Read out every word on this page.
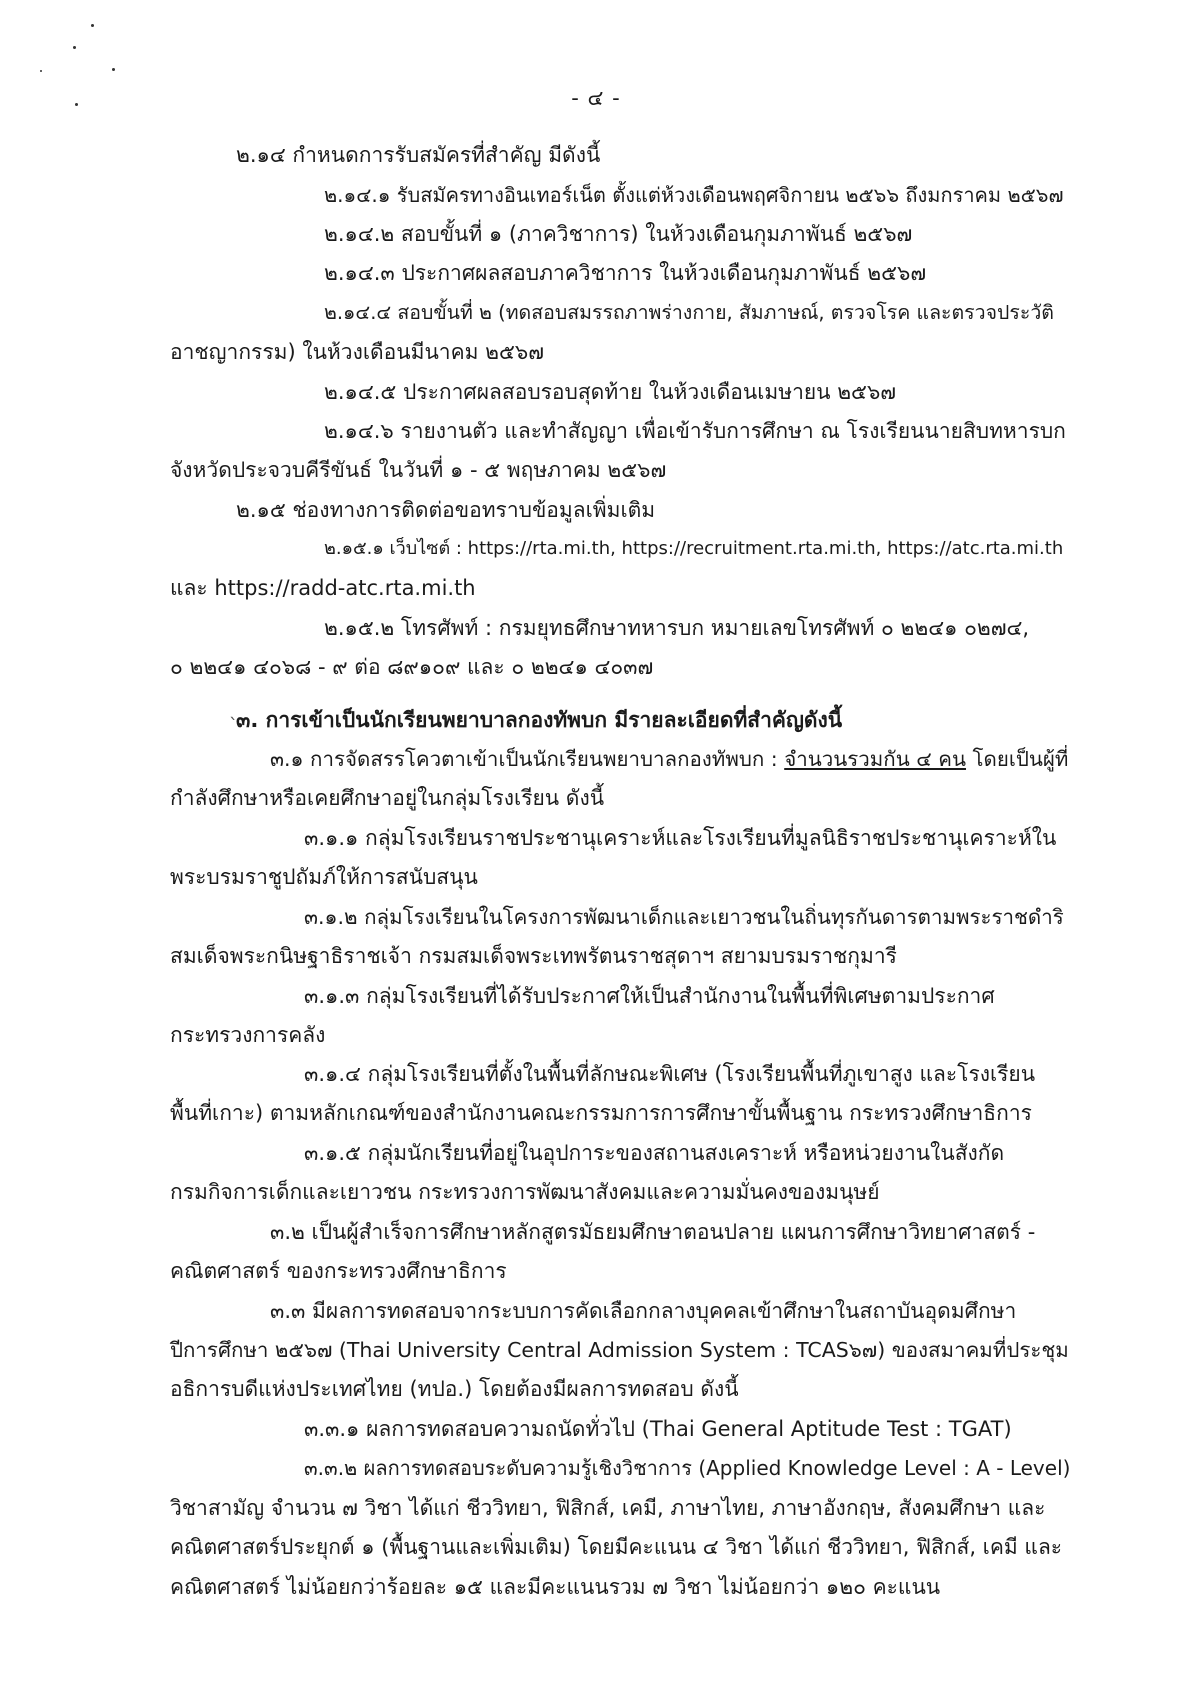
- ๔ -
๒.๑๔ กำหนดการรับสมัครที่สำคัญ มีดังนี้
๒.๑๔.๑ รับสมัครทางอินเทอร์เน็ต ตั้งแต่ห้วงเดือนพฤศจิกายน ๒๕๖๖ ถึงมกราคม ๒๕๖๗
๒.๑๔.๒ สอบขั้นที่ ๑ (ภาควิชาการ) ในห้วงเดือนกุมภาพันธ์ ๒๕๖๗
๒.๑๔.๓ ประกาศผลสอบภาควิชาการ ในห้วงเดือนกุมภาพันธ์ ๒๕๖๗
๒.๑๔.๔ สอบขั้นที่ ๒ (ทดสอบสมรรถภาพร่างกาย, สัมภาษณ์, ตรวจโรค และตรวจประวัติ
อาชญากรรม) ในห้วงเดือนมีนาคม ๒๕๖๗
๒.๑๔.๕ ประกาศผลสอบรอบสุดท้าย ในห้วงเดือนเมษายน ๒๕๖๗
๒.๑๔.๖ รายงานตัว และทำสัญญา เพื่อเข้ารับการศึกษา ณ โรงเรียนนายสิบทหารบก
จังหวัดประจวบคีรีขันธ์ ในวันที่ ๑ - ๕ พฤษภาคม ๒๕๖๗
๒.๑๕ ช่องทางการติดต่อขอทราบข้อมูลเพิ่มเติม
๒.๑๕.๑ เว็บไซต์ : https://rta.mi.th, https://recruitment.rta.mi.th, https://atc.rta.mi.th
และ https://radd-atc.rta.mi.th
๒.๑๕.๒ โทรศัพท์ : กรมยุทธศึกษาทหารบก หมายเลขโทรศัพท์ ๐ ๒๒๔๑ ๐๒๗๔,
๐ ๒๒๔๑ ๔๐๖๘ - ๙ ต่อ ๘๙๑๐๙ และ ๐ ๒๒๔๑ ๔๐๓๗
ˋ
๓. การเข้าเป็นนักเรียนพยาบาลกองทัพบก มีรายละเอียดที่สำคัญดังนี้
๓.๑ การจัดสรรโควตาเข้าเป็นนักเรียนพยาบาลกองทัพบก : จำนวนรวมกัน ๔ คน โดยเป็นผู้ที่
กำลังศึกษาหรือเคยศึกษาอยู่ในกลุ่มโรงเรียน ดังนี้
๓.๑.๑ กลุ่มโรงเรียนราชประชานุเคราะห์และโรงเรียนที่มูลนิธิราชประชานุเคราะห์ใน
พระบรมราชูปถัมภ์ให้การสนับสนุน
๓.๑.๒ กลุ่มโรงเรียนในโครงการพัฒนาเด็กและเยาวชนในถิ่นทุรกันดารตามพระราชดำริ
สมเด็จพระกนิษฐาธิราชเจ้า กรมสมเด็จพระเทพรัตนราชสุดาฯ สยามบรมราชกุมารี
๓.๑.๓ กลุ่มโรงเรียนที่ได้รับประกาศให้เป็นสำนักงานในพื้นที่พิเศษตามประกาศ
กระทรวงการคลัง
๓.๑.๔ กลุ่มโรงเรียนที่ตั้งในพื้นที่ลักษณะพิเศษ (โรงเรียนพื้นที่ภูเขาสูง และโรงเรียน
พื้นที่เกาะ) ตามหลักเกณฑ์ของสำนักงานคณะกรรมการการศึกษาขั้นพื้นฐาน กระทรวงศึกษาธิการ
๓.๑.๕ กลุ่มนักเรียนที่อยู่ในอุปการะของสถานสงเคราะห์ หรือหน่วยงานในสังกัด
กรมกิจการเด็กและเยาวชน กระทรวงการพัฒนาสังคมและความมั่นคงของมนุษย์
๓.๒ เป็นผู้สำเร็จการศึกษาหลักสูตรมัธยมศึกษาตอนปลาย แผนการศึกษาวิทยาศาสตร์ -
คณิตศาสตร์ ของกระทรวงศึกษาธิการ
๓.๓ มีผลการทดสอบจากระบบการคัดเลือกกลางบุคคลเข้าศึกษาในสถาบันอุดมศึกษา
ปีการศึกษา ๒๕๖๗ (Thai University Central Admission System : TCAS๖๗) ของสมาคมที่ประชุม
อธิการบดีแห่งประเทศไทย (ทปอ.) โดยต้องมีผลการทดสอบ ดังนี้
๓.๓.๑ ผลการทดสอบความถนัดทั่วไป (Thai General Aptitude Test : TGAT)
๓.๓.๒ ผลการทดสอบระดับความรู้เชิงวิชาการ (Applied Knowledge Level : A - Level)
วิชาสามัญ จำนวน ๗ วิชา ได้แก่ ชีววิทยา, ฟิสิกส์, เคมี, ภาษาไทย, ภาษาอังกฤษ, สังคมศึกษา และ
คณิตศาสตร์ประยุกต์ ๑ (พื้นฐานและเพิ่มเติม) โดยมีคะแนน ๔ วิชา ได้แก่ ชีววิทยา, ฟิสิกส์, เคมี และ
คณิตศาสตร์ ไม่น้อยกว่าร้อยละ ๑๕ และมีคะแนนรวม ๗ วิชา ไม่น้อยกว่า ๑๒๐ คะแนน
